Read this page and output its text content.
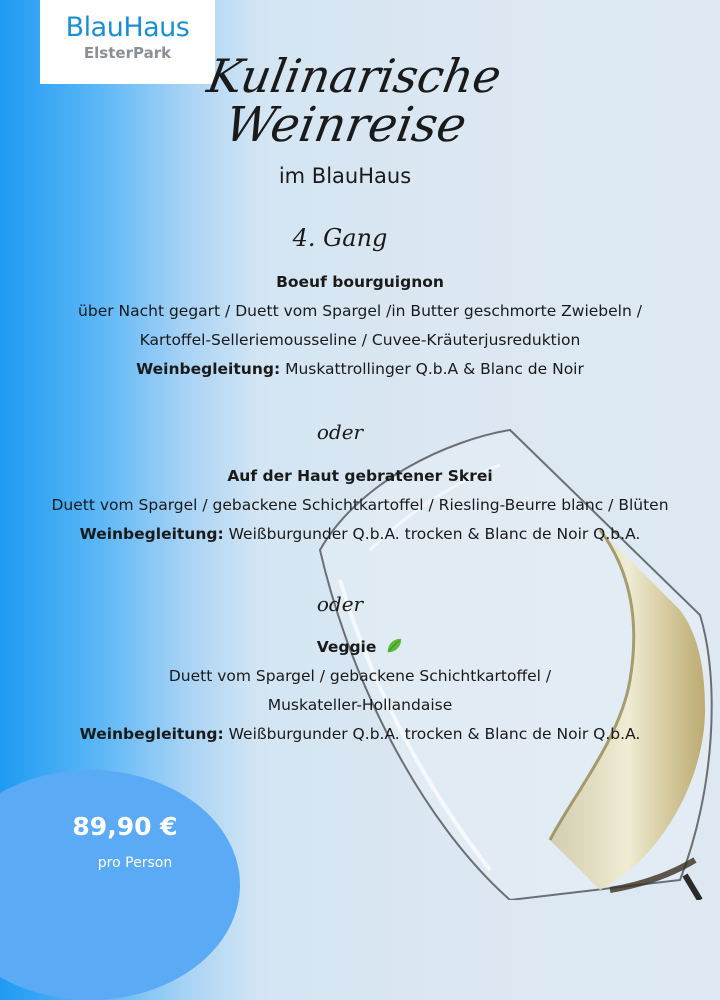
BlauHaus
ElsterPark Kulinarische
Weinreise
im BlauHaus
4. Gang
Boeuf bourguignon
über Nacht gegart / Duett vom Spargel /in Butter geschmorte Zwiebeln /
Kartoffel-Selleriemousseline / Cuvee-Kräuterjusreduktion
Weinbegleitung: Muskattrollinger Q.b.A & Blanc de Noir
oder
Auf der Haut gebratener Skrei
Duett vom Spargel / gebackene Schichtkartoffel / Riesling-Beurre blanc / Blüten
Weinbegleitung: Weißburgunder Q.b.A. trocken & Blanc de Noir Q.b.A.
oder
Veggie
Duett vom Spargel / gebackene Schichtkartoffel /
Muskateller-Hollandaise
Weinbegleitung: Weißburgunder Q.b.A. trocken & Blanc de Noir Q.b.A.
89,90 €
pro Person
